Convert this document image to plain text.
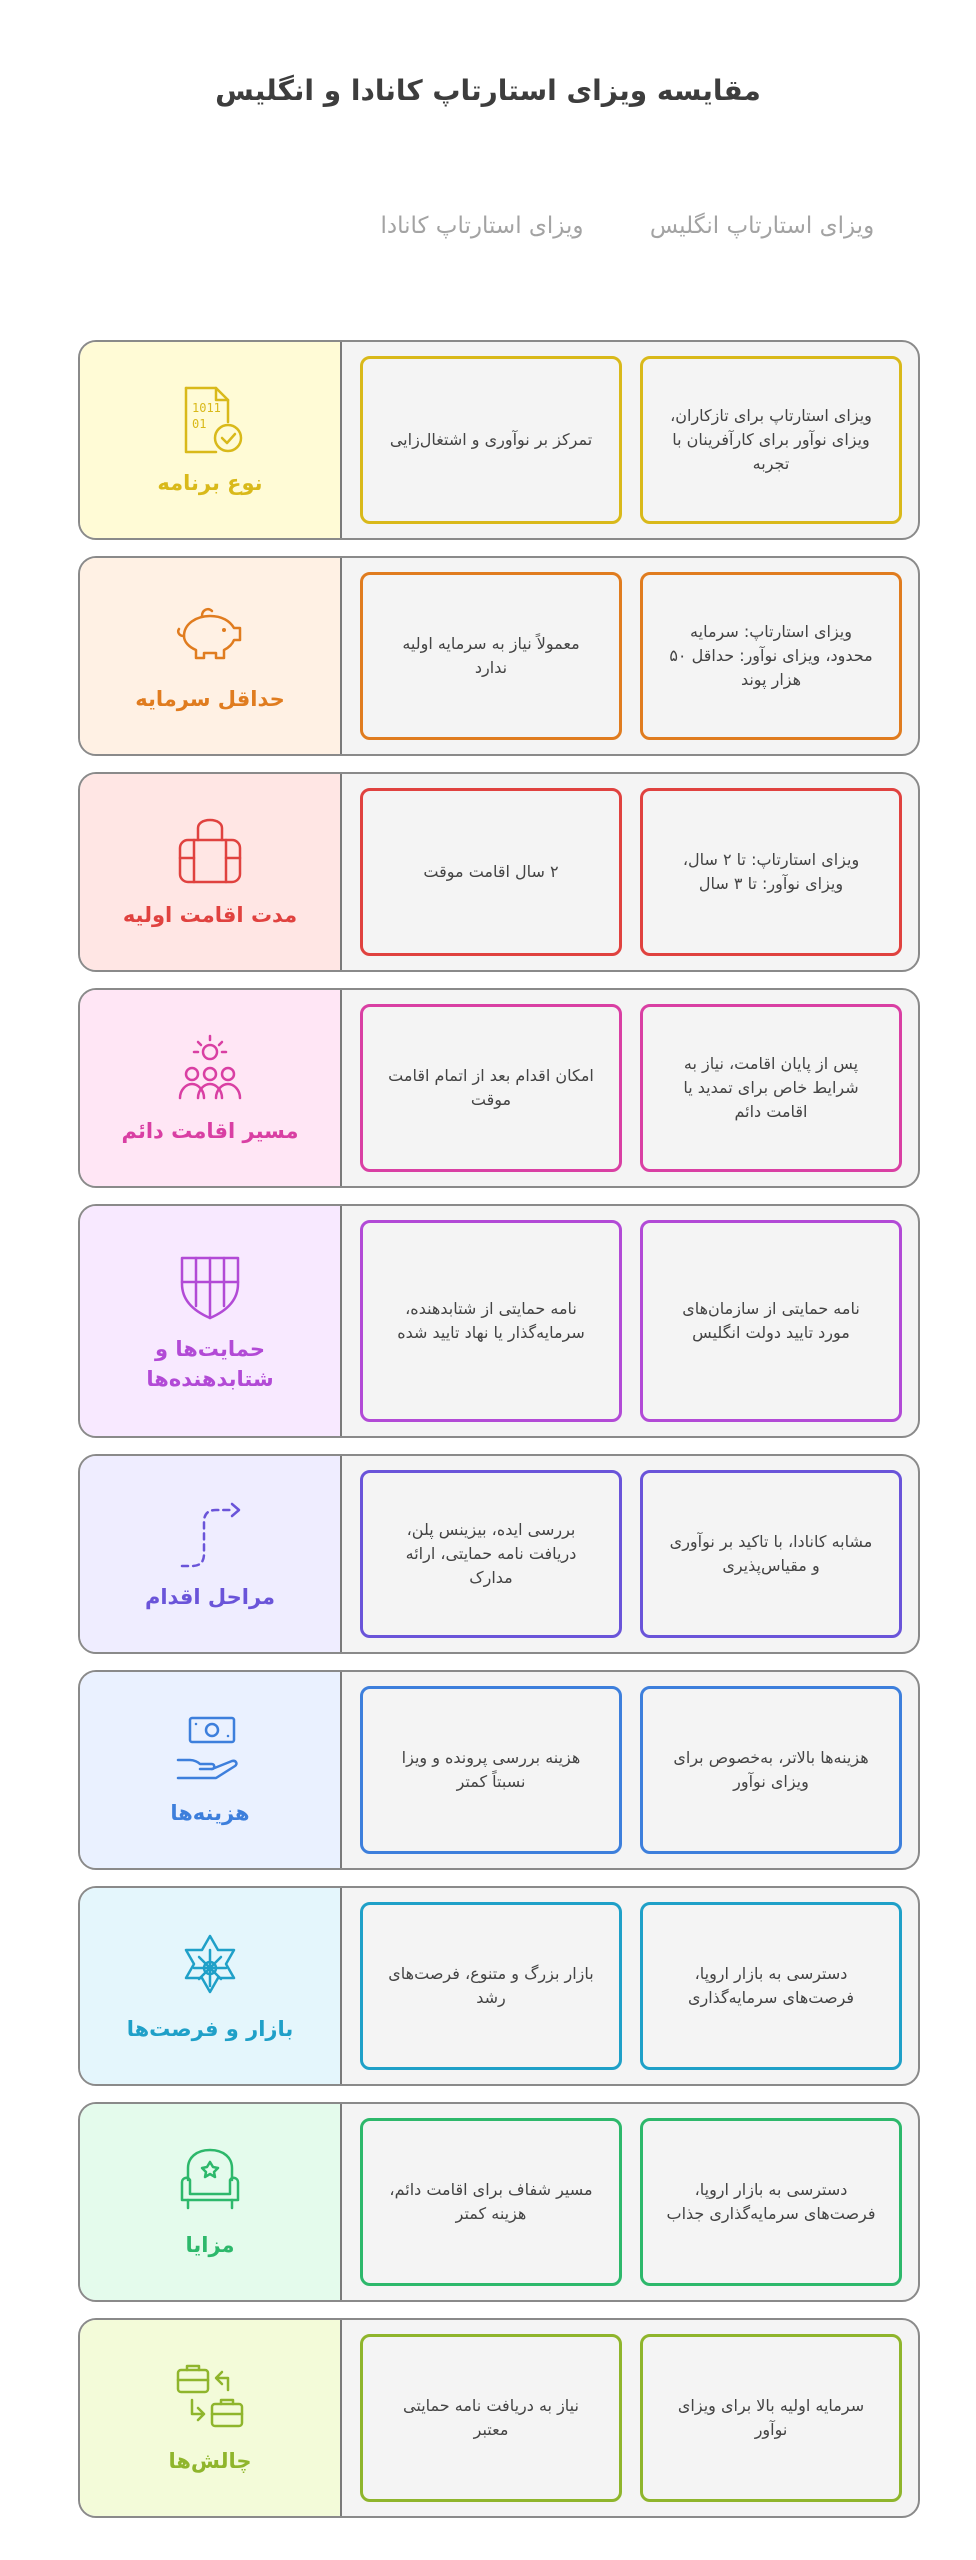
مقایسه ویزای استارتاپ کانادا و انگلیس
ویزای استارتاپ انگلیس
ویزای استارتاپ کانادا
1011
01
نوع برنامه
تمرکز بر نوآوری و اشتغال‌زایی
ویزای استارتاپ برای تازکاران، ویزای نوآور برای کارآفرینان با تجربه
حداقل سرمایه
معمولاً نیاز به سرمایه اولیه ندارد
ویزای استارتاپ: سرمایه محدود، ویزای نوآور: حداقل ۵۰ هزار پوند
مدت اقامت اولیه
۲ سال اقامت موقت
ویزای استارتاپ: تا ۲ سال، ویزای نوآور: تا ۳ سال
مسیر اقامت دائم
امکان اقدام بعد از اتمام اقامت موقت
پس از پایان اقامت، نیاز به شرایط خاص برای تمدید یا اقامت دائم
حمایت‌ها و شتابدهنده‌ها
نامه حمایتی از شتابدهنده، سرمایه‌گذار یا نهاد تایید شده
نامه حمایتی از سازمان‌های مورد تایید دولت انگلیس
مراحل اقدام
بررسی ایده، بیزینس پلن، دریافت نامه حمایتی، ارائه مدارک
مشابه کانادا، با تاکید بر نوآوری و مقیاس‌پذیری
هزینه‌ها
هزینه بررسی پرونده و ویزا نسبتاً کمتر
هزینه‌ها بالاتر، به‌خصوص برای ویزای نوآور
بازار و فرصت‌ها
بازار بزرگ و متنوع، فرصت‌های رشد
دسترسی به بازار اروپا، فرصت‌های سرمایه‌گذاری
مزایا
مسیر شفاف برای اقامت دائم، هزینه کمتر
دسترسی به بازار اروپا، فرصت‌های سرمایه‌گذاری جذاب
چالش‌ها
نیاز به دریافت نامه حمایتی معتبر
سرمایه اولیه بالا برای ویزای نوآور
